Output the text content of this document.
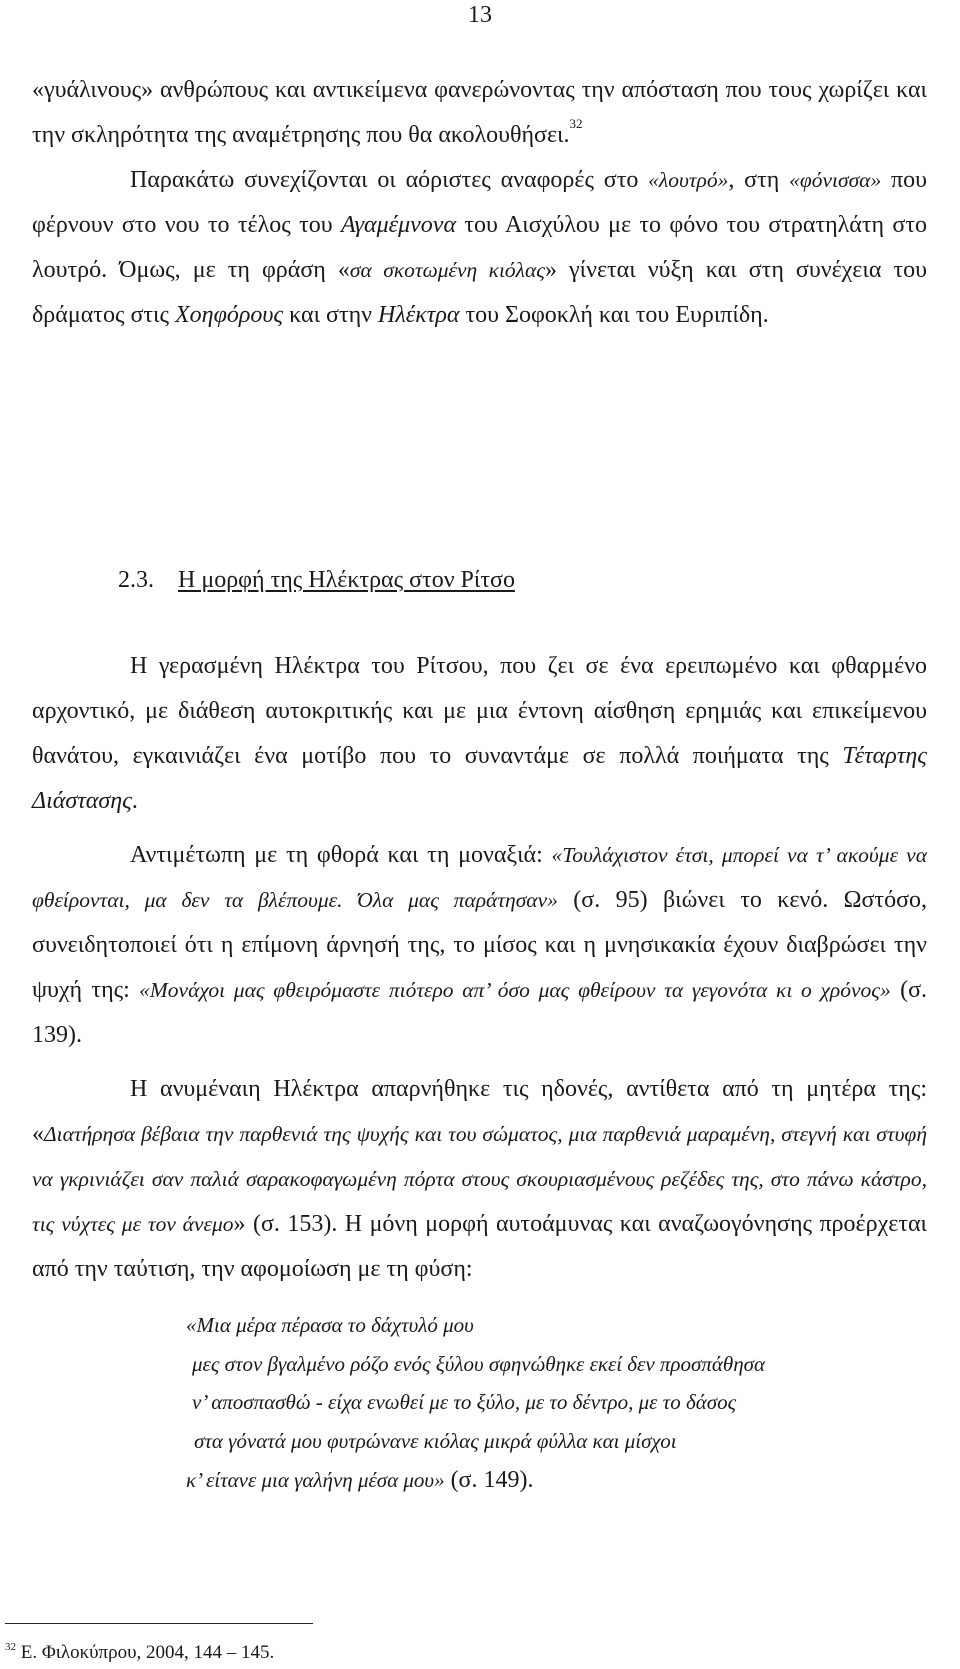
13

«γυάλινους» ανθρώπους και αντικείμενα φανερώνοντας την απόσταση που τους χωρίζει και την σκληρότητα της αναμέτρησης που θα ακολουθήσει.$^{32}$

Παρακάτω συνεχίζονται οι αόριστες αναφορές στο «λουτρό», στη «φόνισσα» που φέρνουν στο νου το τέλος του Αγαμέμνονα του Αισχύλου με το φόνο του στρατηλάτη στο λουτρό. Όμως, με τη φράση «σα σκοτωμένη κιόλας» γίνεται νύξη και στη συνέχεια του δράματος στις Χοηφόρους και στην Ηλέκτρα του Σοφοκλή και του Ευριπίδη.

2.3. Η μορφή της Ηλέκτρας στον Ρίτσο

Η γερασμένη Ηλέκτρα του Ρίτσου, που ζει σε ένα ερειπωμένο και φθαρμένο αρχοντικό, με διάθεση αυτοκριτικής και με μια έντονη αίσθηση ερημιάς και επικείμενου θανάτου, εγκαινιάζει ένα μοτίβο που το συναντάμε σε πολλά ποιήματα της Τέταρτης Διάστασης.

Αντιμέτωπη με τη φθορά και τη μοναξιά: «Τουλάχιστον έτσι, μπορεί να τ’ ακούμε να φθείρονται, μα δεν τα βλέπουμε. Όλα μας παράτησαν» (σ. 95) βιώνει το κενό. Ωστόσο, συνειδητοποιεί ότι η επίμονη άρνησή της, το μίσος και η μνησικακία έχουν διαβρώσει την ψυχή της: «Μονάχοι μας φθειρόμαστε πιότερο απ’ όσο μας φθείρουν τα γεγονότα κι ο χρόνος» (σ. 139).

Η ανυμέναιη Ηλέκτρα απαρνήθηκε τις ηδονές, αντίθετα από τη μητέρα της: «Διατήρησα βέβαια την παρθενιά της ψυχής και του σώματος, μια παρθενιά μαραμένη, στεγνή και στυφή να γκρινιάζει σαν παλιά σαρακοφαγωμένη πόρτα στους σκουριασμένους ρεζέδες της, στο πάνω κάστρο, τις νύχτες με τον άνεμο» (σ. 153). Η μόνη μορφή αυτοάμυνας και αναζωογόνησης προέρχεται από την ταύτιση, την αφομοίωση με τη φύση:

«Μια μέρα πέρασα το δάχτυλό μου
μες στον βγαλμένο ρόζο ενός ξύλου σφηνώθηκε εκεί δεν προσπάθησα
ν’ αποσπασθώ - είχα ενωθεί με το ξύλο, με το δέντρο, με το δάσος
στα γόνατά μου φυτρώνανε κιόλας μικρά φύλλα και μίσχοι
κ’ είτανε μια γαλήνη μέσα μου» (σ. 149).
$^{32}$ Ε. Φιλοκύπρου, 2004, 144 – 145.
